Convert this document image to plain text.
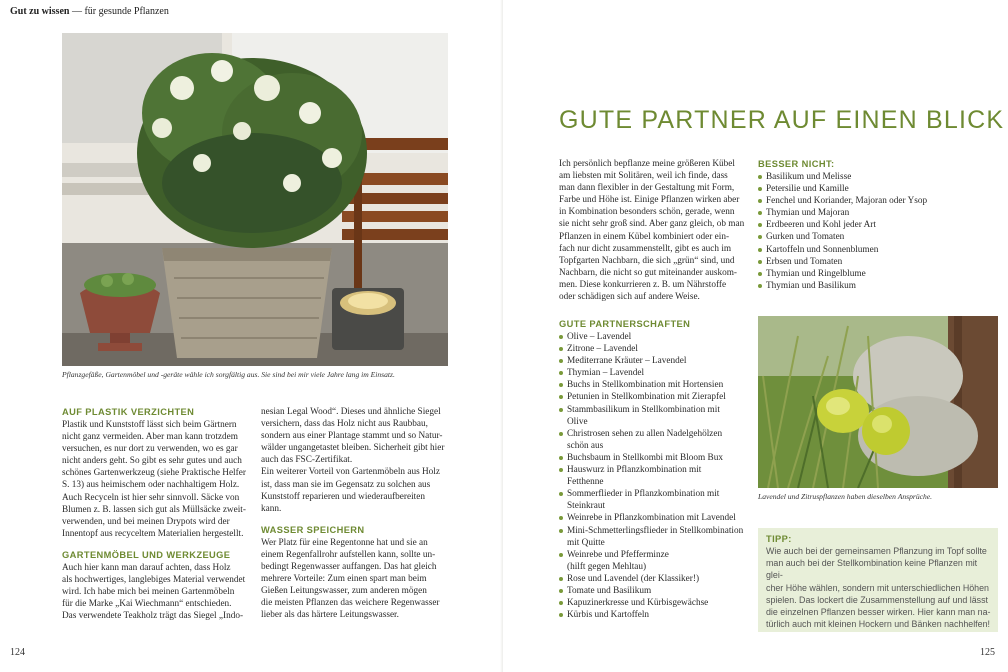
Gut zu wissen — für gesunde Pflanzen
Pflanzgefäße, Gartenmöbel und -geräte wähle ich sorgfältig aus. Sie sind bei mir viele Jahre lang im Einsatz.
AUF PLASTIK VERZICHTEN

Plastik und Kunststoff lässt sich beim Gärtnern

nicht ganz vermeiden. Aber man kann trotzdem

versuchen, es nur dort zu verwenden, wo es gar

nicht anders geht. So gibt es sehr gutes und auch

schönes Gartenwerkzeug (siehe Praktische Helfer

S. 13) aus heimischem oder nachhaltigem Holz.

Auch Recyceln ist hier sehr sinnvoll. Säcke von

Blumen z. B. lassen sich gut als Müllsäcke zweit-

verwenden, und bei meinen Drypots wird der

Innentopf aus recyceltem Materialien hergestellt.

GARTENMÖBEL UND WERKZEUGE

Auch hier kann man darauf achten, dass Holz

als hochwertiges, langlebiges Material verwendet

wird. Ich habe mich bei meinen Gartenmöbeln

für die Marke „Kai Wiechmann“ entschieden.

Das verwendete Teakholz trägt das Siegel „Indo-

nesian Legal Wood“. Dieses und ähnliche Siegel

versichern, dass das Holz nicht aus Raubbau,

sondern aus einer Plantage stammt und so Natur-

wälder ungangetastet bleiben. Sicherheit gibt hier

auch das FSC-Zertifikat.

Ein weiterer Vorteil von Gartenmöbeln aus Holz

ist, dass man sie im Gegensatz zu solchen aus

Kunststoff reparieren und wiederaufbereiten

kann.

WASSER SPEICHERN

Wer Platz für eine Regentonne hat und sie an

einem Regenfallrohr aufstellen kann, sollte un-

bedingt Regenwasser auffangen. Das hat gleich

mehrere Vorteile: Zum einen spart man beim

Gießen Leitungswasser, zum anderen mögen

die meisten Pflanzen das weichere Regenwasser

lieber als das härtere Leitungswasser.

124
GUTE PARTNER AUF EINEN BLICK

Ich persönlich bepflanze meine größeren Kübel

am liebsten mit Solitären, weil ich finde, dass

man dann flexibler in der Gestaltung mit Form,

Farbe und Höhe ist. Einige Pflanzen wirken aber

in Kombination besonders schön, gerade, wenn

sie nicht sehr groß sind. Aber ganz gleich, ob man

Pflanzen in einem Kübel kombiniert oder ein-

fach nur dicht zusammenstellt, gibt es auch im

Topfgarten Nachbarn, die sich „grün“ sind, und

Nachbarn, die nicht so gut miteinander auskom-

men. Diese konkurrieren z. B. um Nährstoffe

oder schädigen sich auf andere Weise.

GUTE PARTNERSCHAFTEN
Olive – Lavendel
Zitrone – Lavendel
Mediterrane Kräuter – Lavendel
Thymian – Lavendel
Buchs in Stellkombination mit Hortensien
Petunien in Stellkombination mit Zierapfel
Stammbasilikum in Stellkombination mit
Olive
Christrosen sehen zu allen Nadelgehölzen
schön aus
Buchsbaum in Stellkombi mit Bloom Bux
Hauswurz in Pflanzkombination mit
Fetthenne
Sommerflieder in Pflanzkombination mit
Steinkraut
Weinrebe in Pflanzkombination mit Lavendel
Mini-Schmetterlingsflieder in Stellkombination
mit Quitte
Weinrebe und Pfefferminze
(hilft gegen Mehltau)
Rose und Lavendel (der Klassiker!)
Tomate und Basilikum
Kapuzinerkresse und Kürbisgewächse
Kürbis und Kartoffeln
BESSER NICHT:
Basilikum und Melisse
Petersilie und Kamille
Fenchel und Koriander, Majoran oder Ysop
Thymian und Majoran
Erdbeeren und Kohl jeder Art
Gurken und Tomaten
Kartoffeln und Sonnenblumen
Erbsen und Tomaten
Thymian und Ringelblume
Thymian und Basilikum
Lavendel und Zitruspflanzen haben dieselben Ansprüche.
TIPP:
Wie auch bei der gemeinsamen Pflanzung im Topf sollte
man auch bei der Stellkombination keine Pflanzen mit glei-
cher Höhe wählen, sondern mit unterschiedlichen Höhen
spielen. Das lockert die Zusammenstellung auf und lässt
die einzelnen Pflanzen besser wirken. Hier kann man na-
türlich auch mit kleinen Hockern und Bänken nachhelfen!
125
